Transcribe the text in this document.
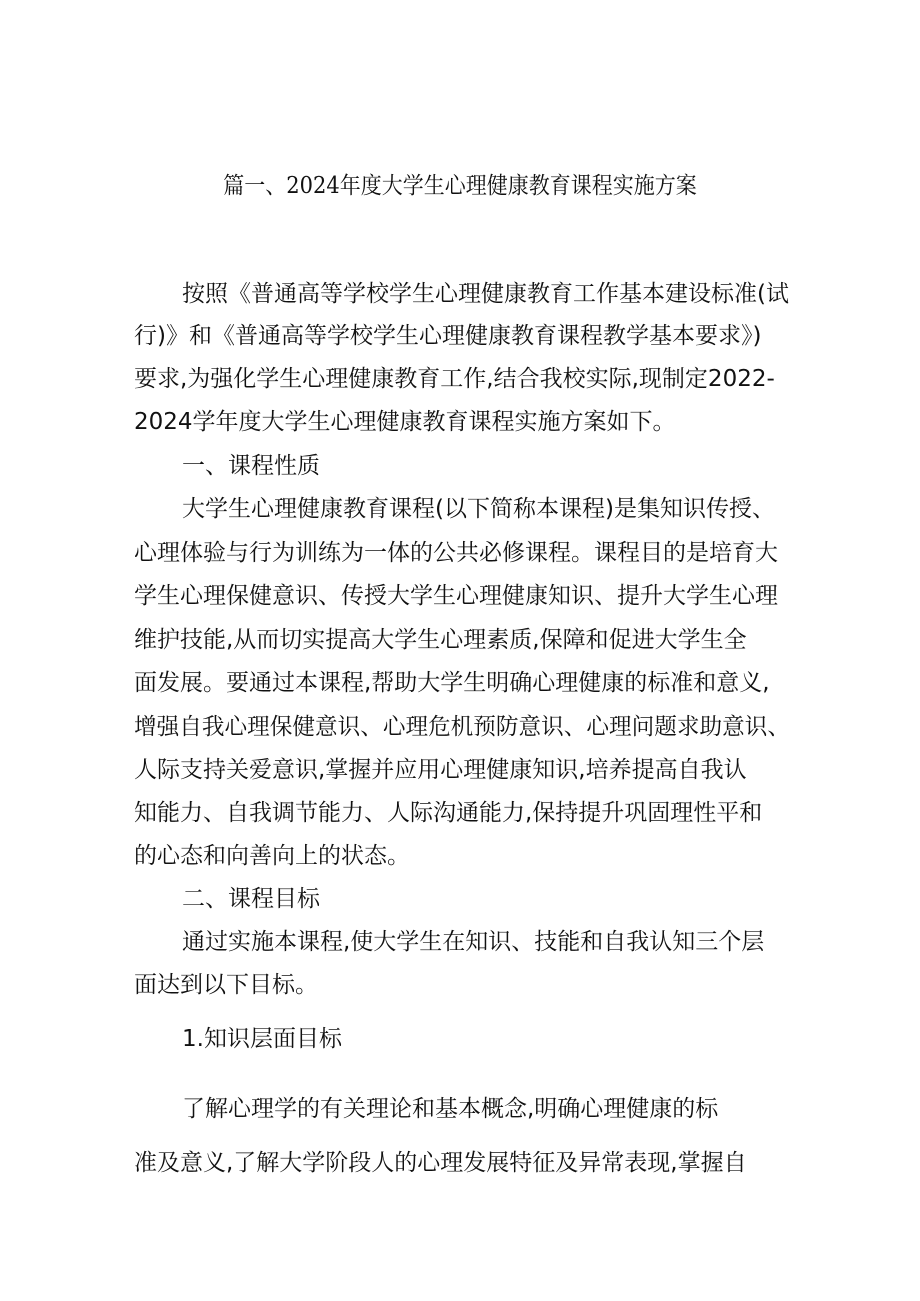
篇一、2024年度大学生心理健康教育课程实施方案
按照《普通高等学校学生心理健康教育工作基本建设标准(试
行)》和《普通高等学校学生心理健康教育课程教学基本要求》)
要求,为强化学生心理健康教育工作,结合我校实际,现制定2022-
2024学年度大学生心理健康教育课程实施方案如下。
一、课程性质
大学生心理健康教育课程(以下简称本课程)是集知识传授、
心理体验与行为训练为一体的公共必修课程。课程目的是培育大
学生心理保健意识、传授大学生心理健康知识、提升大学生心理
维护技能,从而切实提高大学生心理素质,保障和促进大学生全
面发展。要通过本课程,帮助大学生明确心理健康的标准和意义,
增强自我心理保健意识、心理危机预防意识、心理问题求助意识、
人际支持关爱意识,掌握并应用心理健康知识,培养提高自我认
知能力、自我调节能力、人际沟通能力,保持提升巩固理性平和
的心态和向善向上的状态。
二、课程目标
通过实施本课程,使大学生在知识、技能和自我认知三个层
面达到以下目标。
1.知识层面目标
了解心理学的有关理论和基本概念,明确心理健康的标
准及意义,了解大学阶段人的心理发展特征及异常表现,掌握自
